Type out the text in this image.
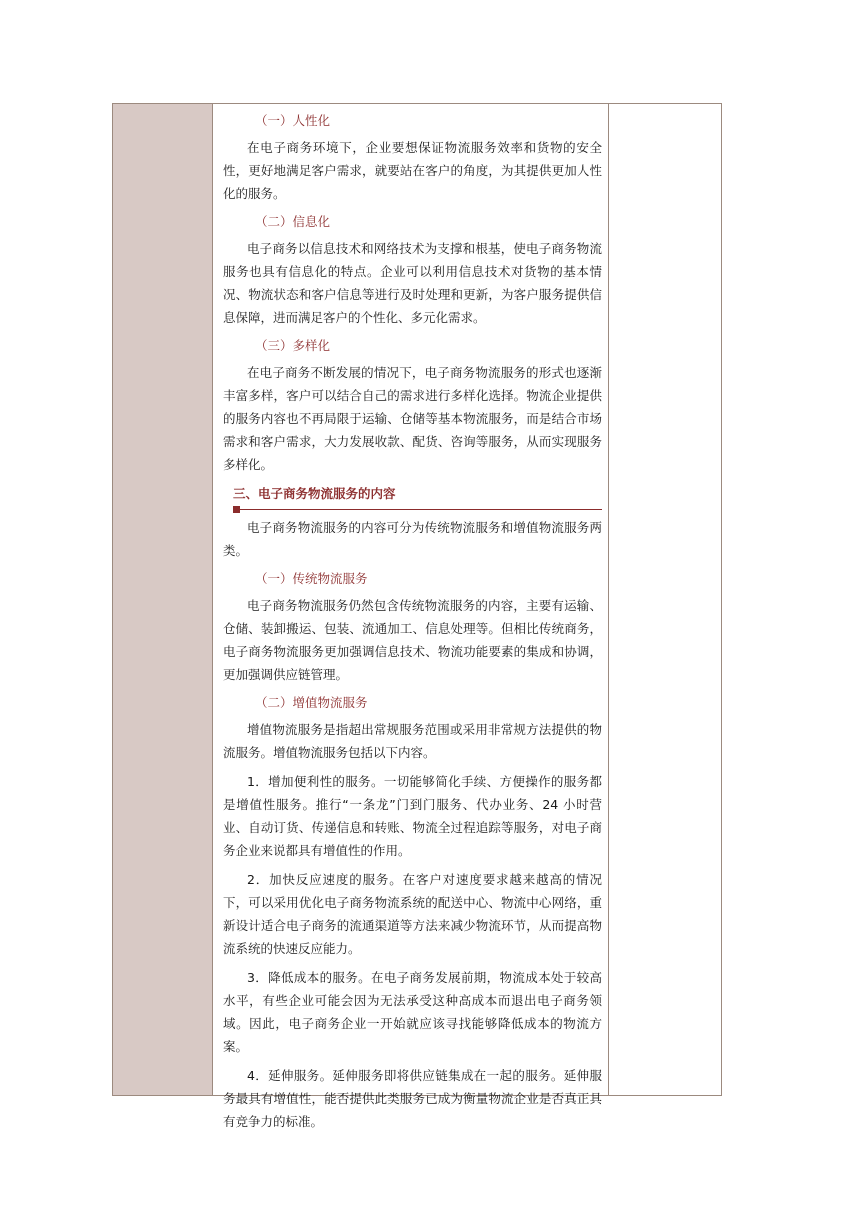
（一）人性化
在电子商务环境下，企业要想保证物流服务效率和货物的安全性，更好地满足客户需求，就要站在客户的角度，为其提供更加人性化的服务。
（二）信息化
电子商务以信息技术和网络技术为支撑和根基，使电子商务物流服务也具有信息化的特点。企业可以利用信息技术对货物的基本情况、物流状态和客户信息等进行及时处理和更新，为客户服务提供信息保障，进而满足客户的个性化、多元化需求。
（三）多样化
在电子商务不断发展的情况下，电子商务物流服务的形式也逐渐丰富多样，客户可以结合自己的需求进行多样化选择。物流企业提供的服务内容也不再局限于运输、仓储等基本物流服务，而是结合市场需求和客户需求，大力发展收款、配货、咨询等服务，从而实现服务多样化。
三、电子商务物流服务的内容
电子商务物流服务的内容可分为传统物流服务和增值物流服务两类。
（一）传统物流服务
电子商务物流服务仍然包含传统物流服务的内容，主要有运输、仓储、装卸搬运、包装、流通加工、信息处理等。但相比传统商务，电子商务物流服务更加强调信息技术、物流功能要素的集成和协调，更加强调供应链管理。
（二）增值物流服务
增值物流服务是指超出常规服务范围或采用非常规方法提供的物流服务。增值物流服务包括以下内容。
1．增加便利性的服务。一切能够简化手续、方便操作的服务都是增值性服务。推行“一条龙”门到门服务、代办业务、24 小时营业、自动订货、传递信息和转账、物流全过程追踪等服务，对电子商务企业来说都具有增值性的作用。
2．加快反应速度的服务。在客户对速度要求越来越高的情况下，可以采用优化电子商务物流系统的配送中心、物流中心网络，重新设计适合电子商务的流通渠道等方法来减少物流环节，从而提高物流系统的快速反应能力。
3．降低成本的服务。在电子商务发展前期，物流成本处于较高水平，有些企业可能会因为无法承受这种高成本而退出电子商务领域。因此，电子商务企业一开始就应该寻找能够降低成本的物流方案。
4．延伸服务。延伸服务即将供应链集成在一起的服务。延伸服务最具有增值性，能否提供此类服务已成为衡量物流企业是否真正具有竞争力的标准。
